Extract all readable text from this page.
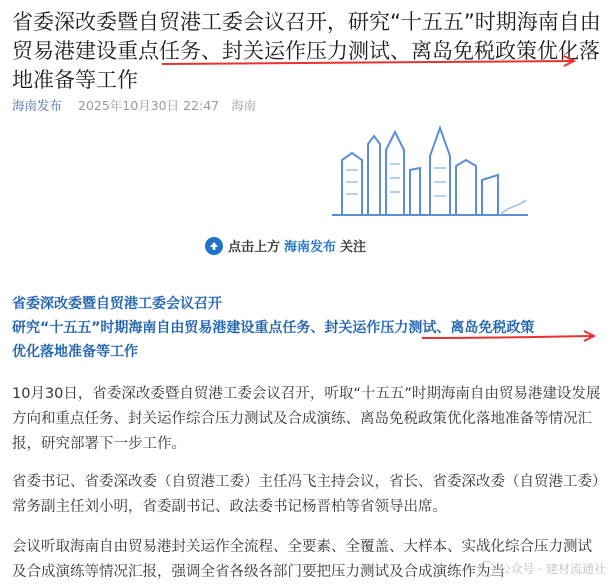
省委深改委暨自贸港工委会议召开，研究“十五五”时期海南自由贸易港建设重点任务、封关运作压力测试、离岛免税政策优化落地准备等工作
海南发布 2025年10月30日 22:47 海南
点击上方 海南发布 关注
省委深改委暨自贸港工委会议召开
研究“十五五”时期海南自由贸易港建设重点任务、封关运作压力测试、离岛免税政策
优化落地准备等工作

10月30日，省委深改委暨自贸港工委会议召开，听取“十五五”时期海南自由贸易港建设发展方向和重点任务、封关运作综合压力测试及合成演练、离岛免税政策优化落地准备等情况汇报，研究部署下一步工作。

省委书记、省委深改委（自贸港工委）主任冯飞主持会议，省长、省委深改委（自贸港工委）常务副主任刘小明，省委副书记、政法委书记杨晋柏等省领导出席。

会议听取海南自由贸易港封关运作全流程、全要素、全覆盖、大样本、实战化综合压力测试及合成演练等情况汇报，强调全省各级各部门要把压力测试及合成演练作为当

公众号 · 建材流通社
